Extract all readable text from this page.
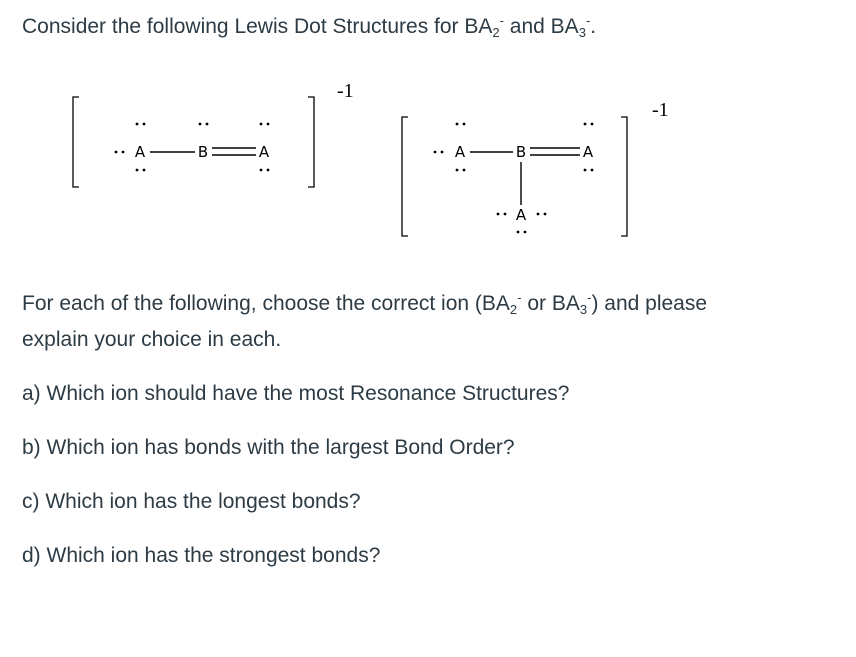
Consider the following Lewis Dot Structures for $BA_2^-$ and $BA_3^-$.

-1
A	B	A
-1
A	B	A
A

For each of the following, choose the correct ion ($BA_2^-$ or $BA_3^-$) and please

explain your choice in each.

a) Which ion should have the most Resonance Structures?

b) Which ion has bonds with the largest Bond Order?

c) Which ion has the longest bonds?

d) Which ion has the strongest bonds?
